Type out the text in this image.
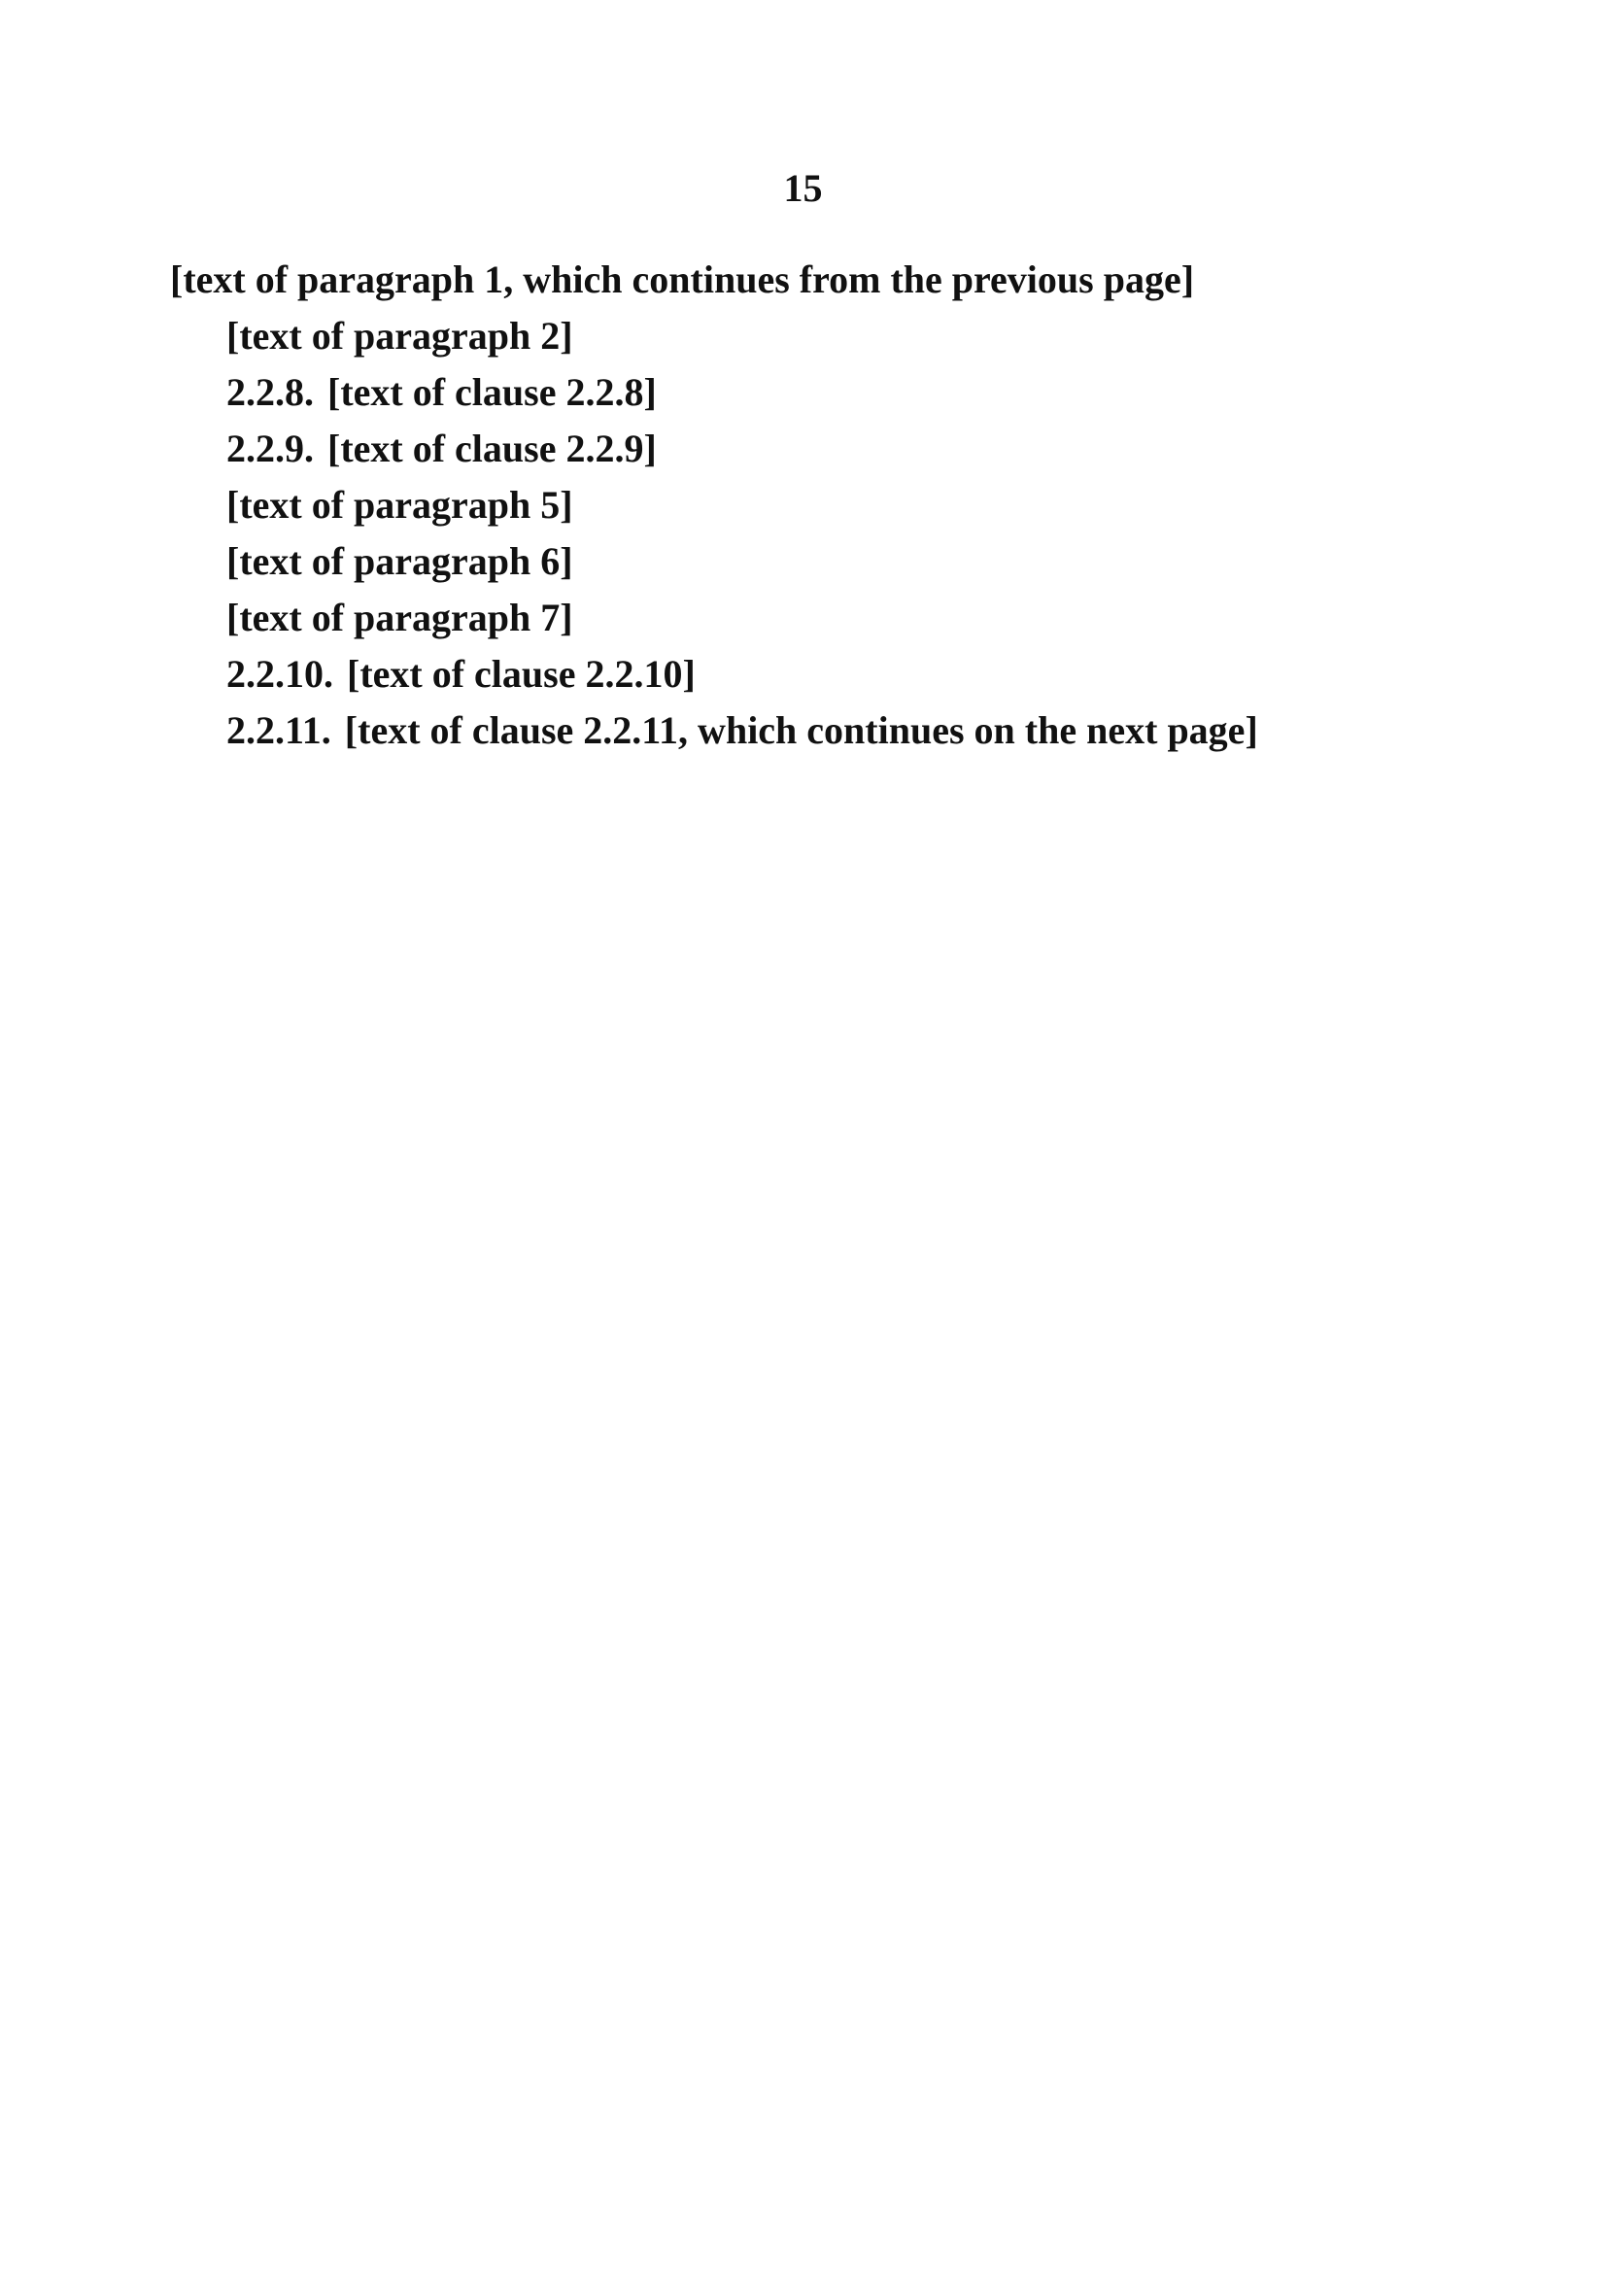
15

[text of paragraph 1, which continues from the previous page]

[text of paragraph 2]

2.2.8. [text of clause 2.2.8]

2.2.9. [text of clause 2.2.9]

[text of paragraph 5]

[text of paragraph 6]

[text of paragraph 7]

2.2.10. [text of clause 2.2.10]

2.2.11. [text of clause 2.2.11, which continues on the next page]
